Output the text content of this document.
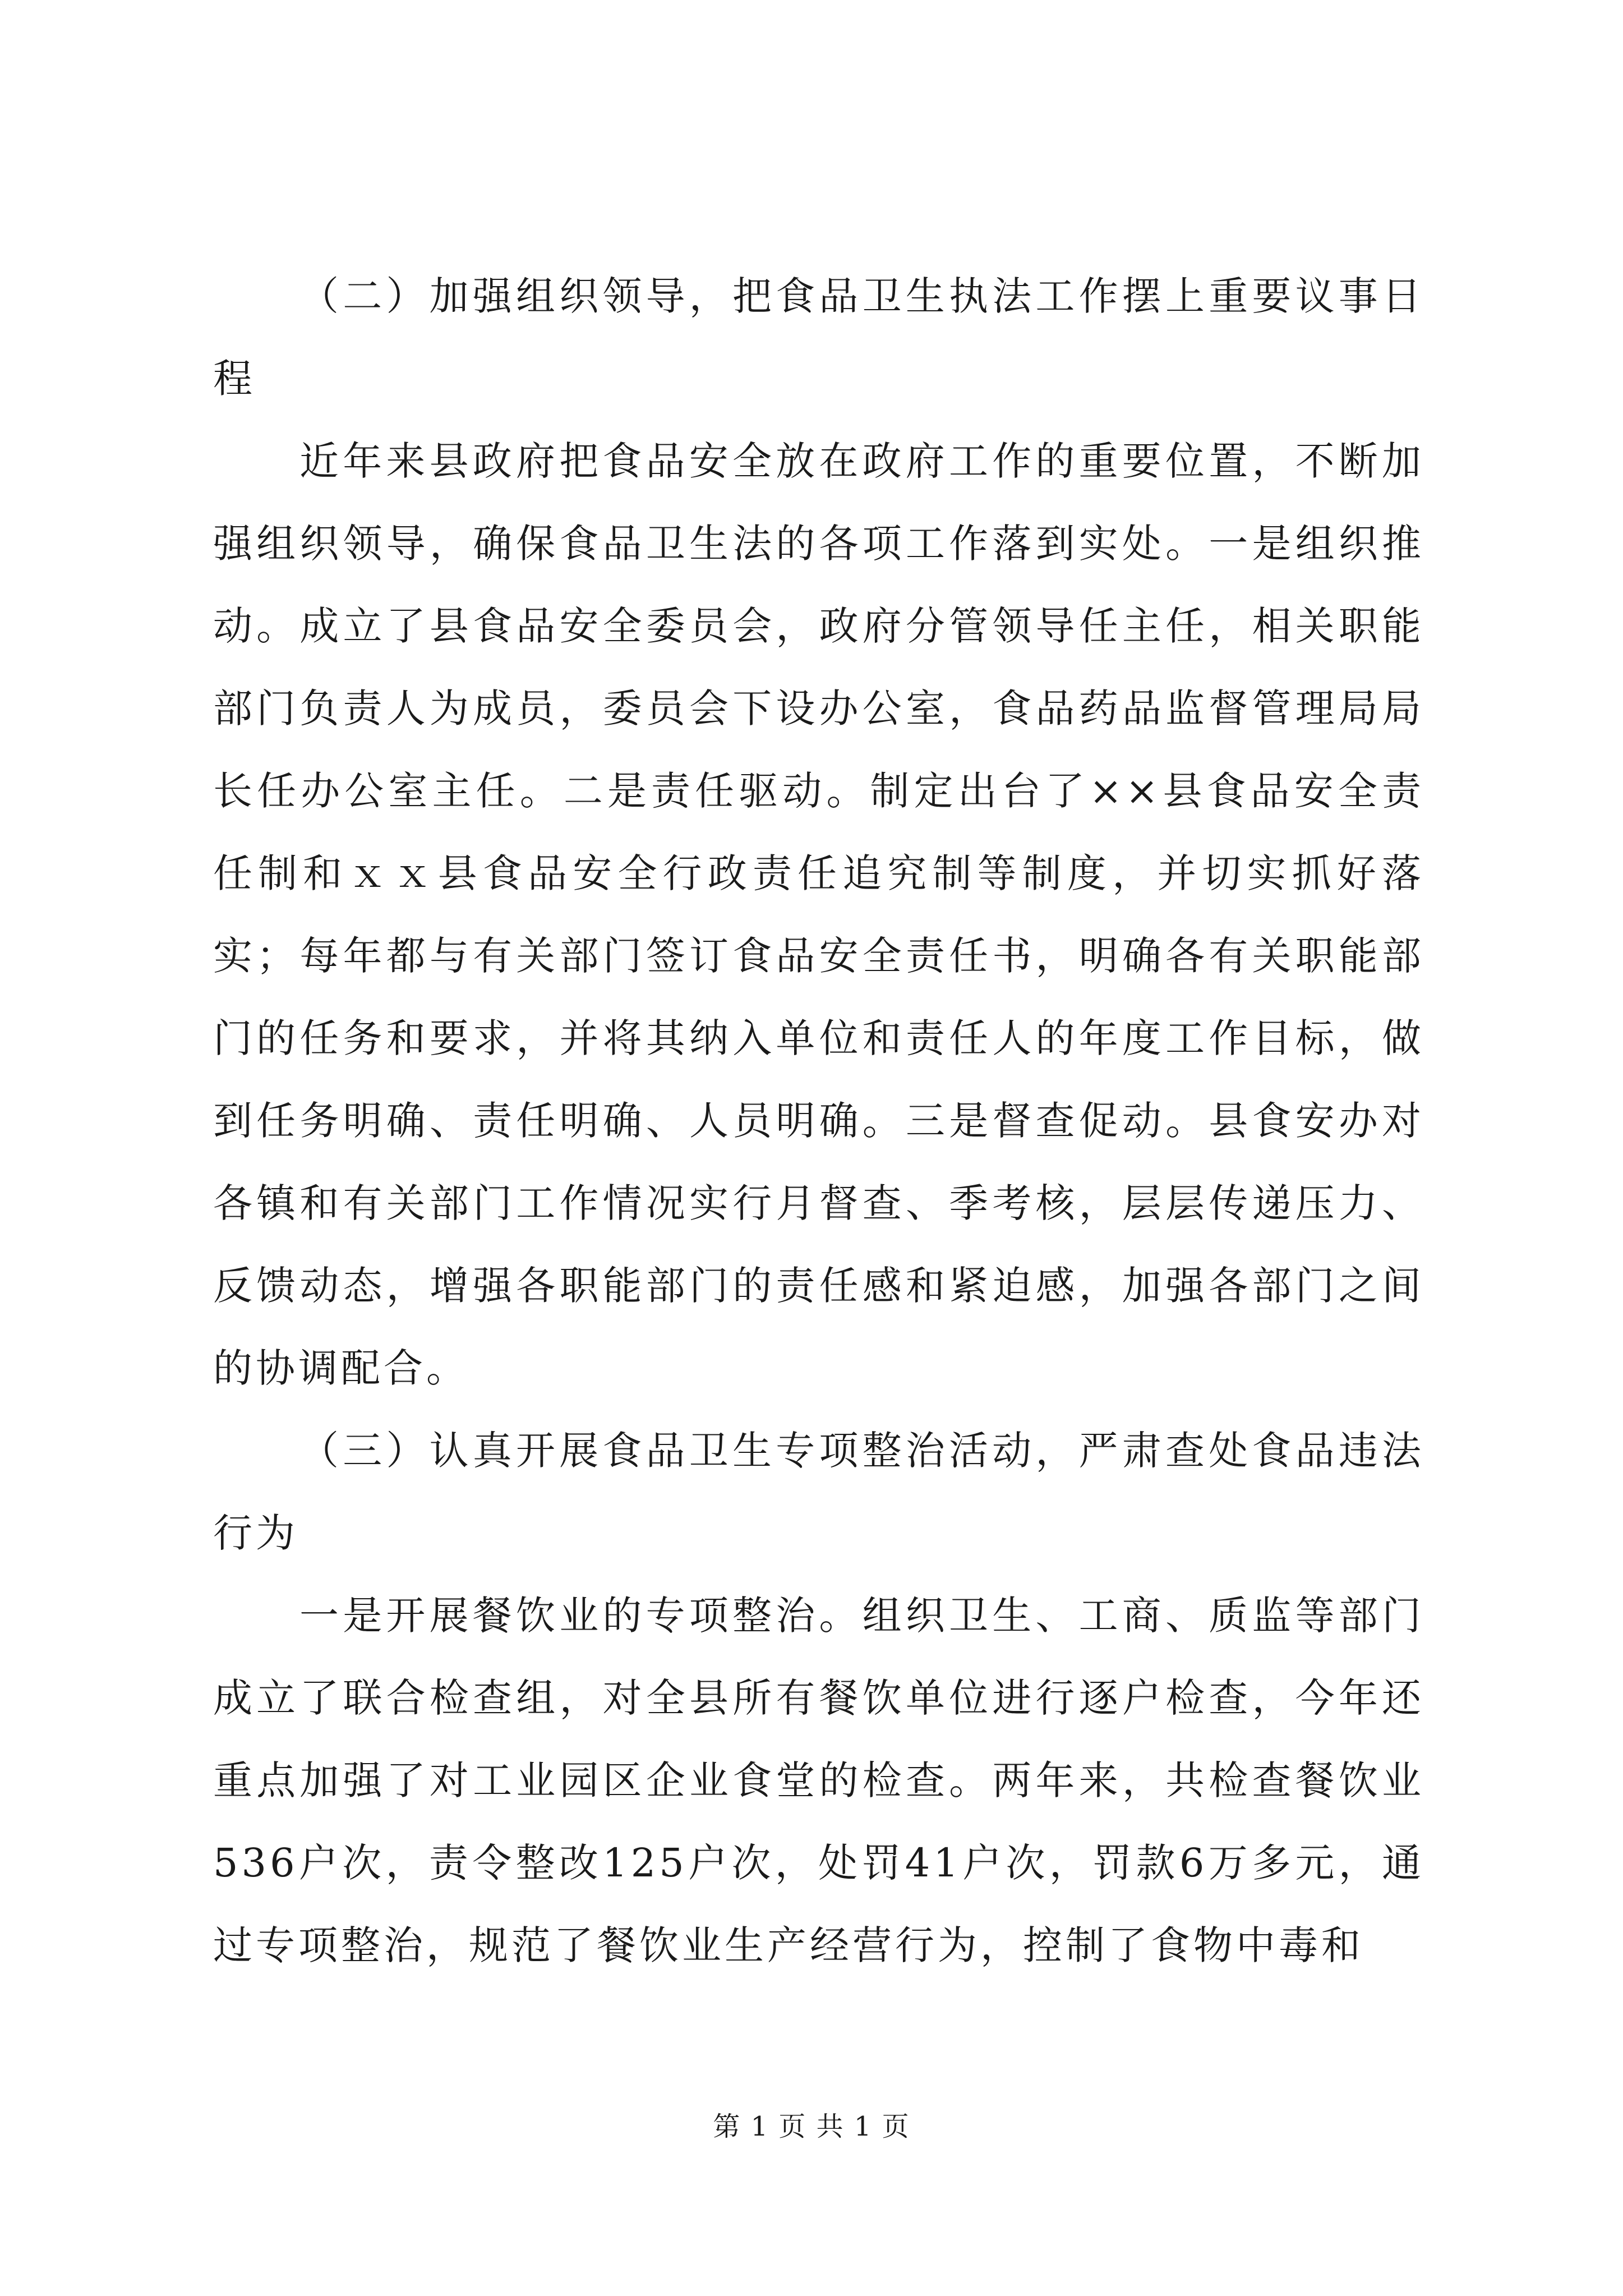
（二）加强组织领导，把食品卫生执法工作摆上重要议事日程

近年来县政府把食品安全放在政府工作的重要位置，不断加强组织领导，确保食品卫生法的各项工作落到实处。一是组织推动。成立了县食品安全委员会，政府分管领导任主任，相关职能部门负责人为成员，委员会下设办公室，食品药品监督管理局局长任办公室主任。二是责任驱动。制定出台了××县食品安全责任制和ｘｘ县食品安全行政责任追究制等制度，并切实抓好落实；每年都与有关部门签订食品安全责任书，明确各有关职能部门的任务和要求，并将其纳入单位和责任人的年度工作目标，做到任务明确、责任明确、人员明确。三是督查促动。县食安办对各镇和有关部门工作情况实行月督查、季考核，层层传递压力、反馈动态，增强各职能部门的责任感和紧迫感，加强各部门之间的协调配合。

（三）认真开展食品卫生专项整治活动，严肃查处食品违法行为

一是开展餐饮业的专项整治。组织卫生、工商、质监等部门成立了联合检查组，对全县所有餐饮单位进行逐户检查，今年还重点加强了对工业园区企业食堂的检查。两年来，共检查餐饮业536户次，责令整改125户次，处罚41户次，罚款6万多元，通过专项整治，规范了餐饮业生产经营行为，控制了食物中毒和

第 1 页 共 1 页
